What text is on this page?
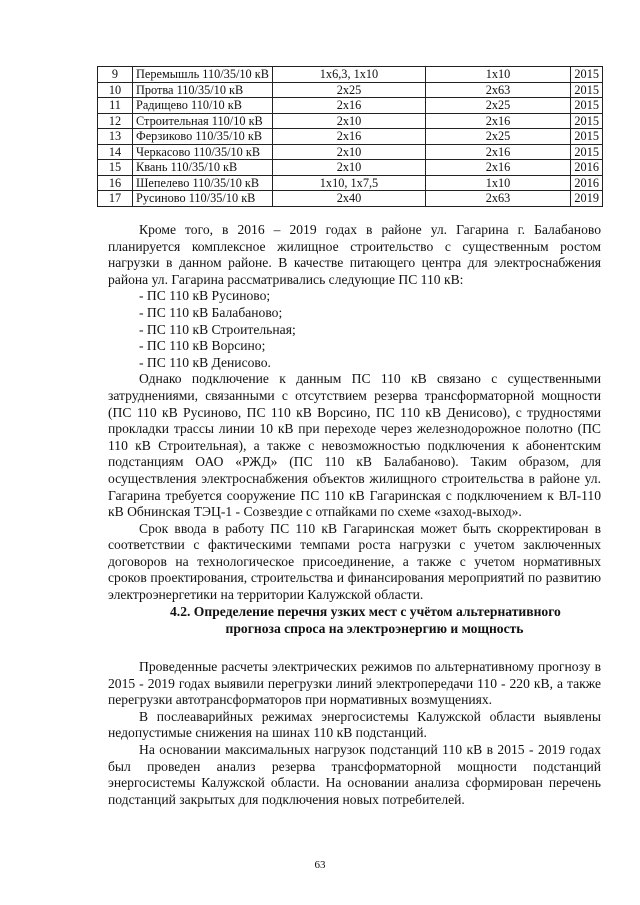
9	Перемышль 110/35/10 кВ	1х6,3, 1х10	1х10	2015
10	Протва 110/35/10 кВ	2х25	2х63	2015
11	Радищево 110/10 кВ	2х16	2х25	2015
12	Строительная 110/10 кВ	2х10	2х16	2015
13	Ферзиково 110/35/10 кВ	2х16	2х25	2015
14	Черкасово 110/35/10 кВ	2х10	2х16	2015
15	Квань 110/35/10 кВ	2х10	2х16	2016
16	Шепелево 110/35/10 кВ	1х10, 1х7,5	1х10	2016
17	Русиново 110/35/10 кВ	2х40	2х63	2019

Кроме того, в 2016 – 2019 годах в районе ул. Гагарина г. Балабаново планируется комплексное жилищное строительство с существенным ростом нагрузки в данном районе. В качестве питающего центра для электроснабжения района ул. Гагарина рассматривались следующие ПС 110 кВ:

- ПС 110 кВ Русиново;

- ПС 110 кВ Балабаново;

- ПС 110 кВ Строительная;

- ПС 110 кВ Ворсино;

- ПС 110 кВ Денисово.

Однако подключение к данным ПС 110 кВ связано с существенными затруднениями, связанными с отсутствием резерва трансформаторной мощности (ПС 110 кВ Русиново, ПС 110 кВ Ворсино, ПС 110 кВ Денисово), с трудностями прокладки трассы линии 10 кВ при переходе через железнодорожное полотно (ПС 110 кВ Строительная), а также с невозможностью подключения к абонентским подстанциям ОАО «РЖД» (ПС 110 кВ Балабаново). Таким образом, для осуществления электроснабжения объектов жилищного строительства в районе ул. Гагарина требуется сооружение ПС 110 кВ Гагаринская с подключением к ВЛ-110 кВ Обнинская ТЭЦ-1 - Созвездие с отпайками по схеме «заход-выход».

Срок ввода в работу ПС 110 кВ Гагаринская может быть скорректирован в соответствии с фактическими темпами роста нагрузки с учетом заключенных договоров на технологическое присоединение, а также с учетом нормативных сроков проектирования, строительства и финансирования мероприятий по развитию электроэнергетики на территории Калужской области.

4.2. Определение перечня узких мест с учётом альтернативного
прогноза спроса на электроэнергию и мощность

Проведенные расчеты электрических режимов по альтернативному прогнозу в 2015 - 2019 годах выявили перегрузки линий электропередачи 110 - 220 кВ, а также перегрузки автотрансформаторов при нормативных возмущениях.

В послеаварийных режимах энергосистемы Калужской области выявлены недопустимые снижения на шинах 110 кВ подстанций.

На основании максимальных нагрузок подстанций 110 кВ в 2015 - 2019 годах был проведен анализ резерва трансформаторной мощности подстанций энергосистемы Калужской области. На основании анализа сформирован перечень подстанций закрытых для подключения новых потребителей.

63
